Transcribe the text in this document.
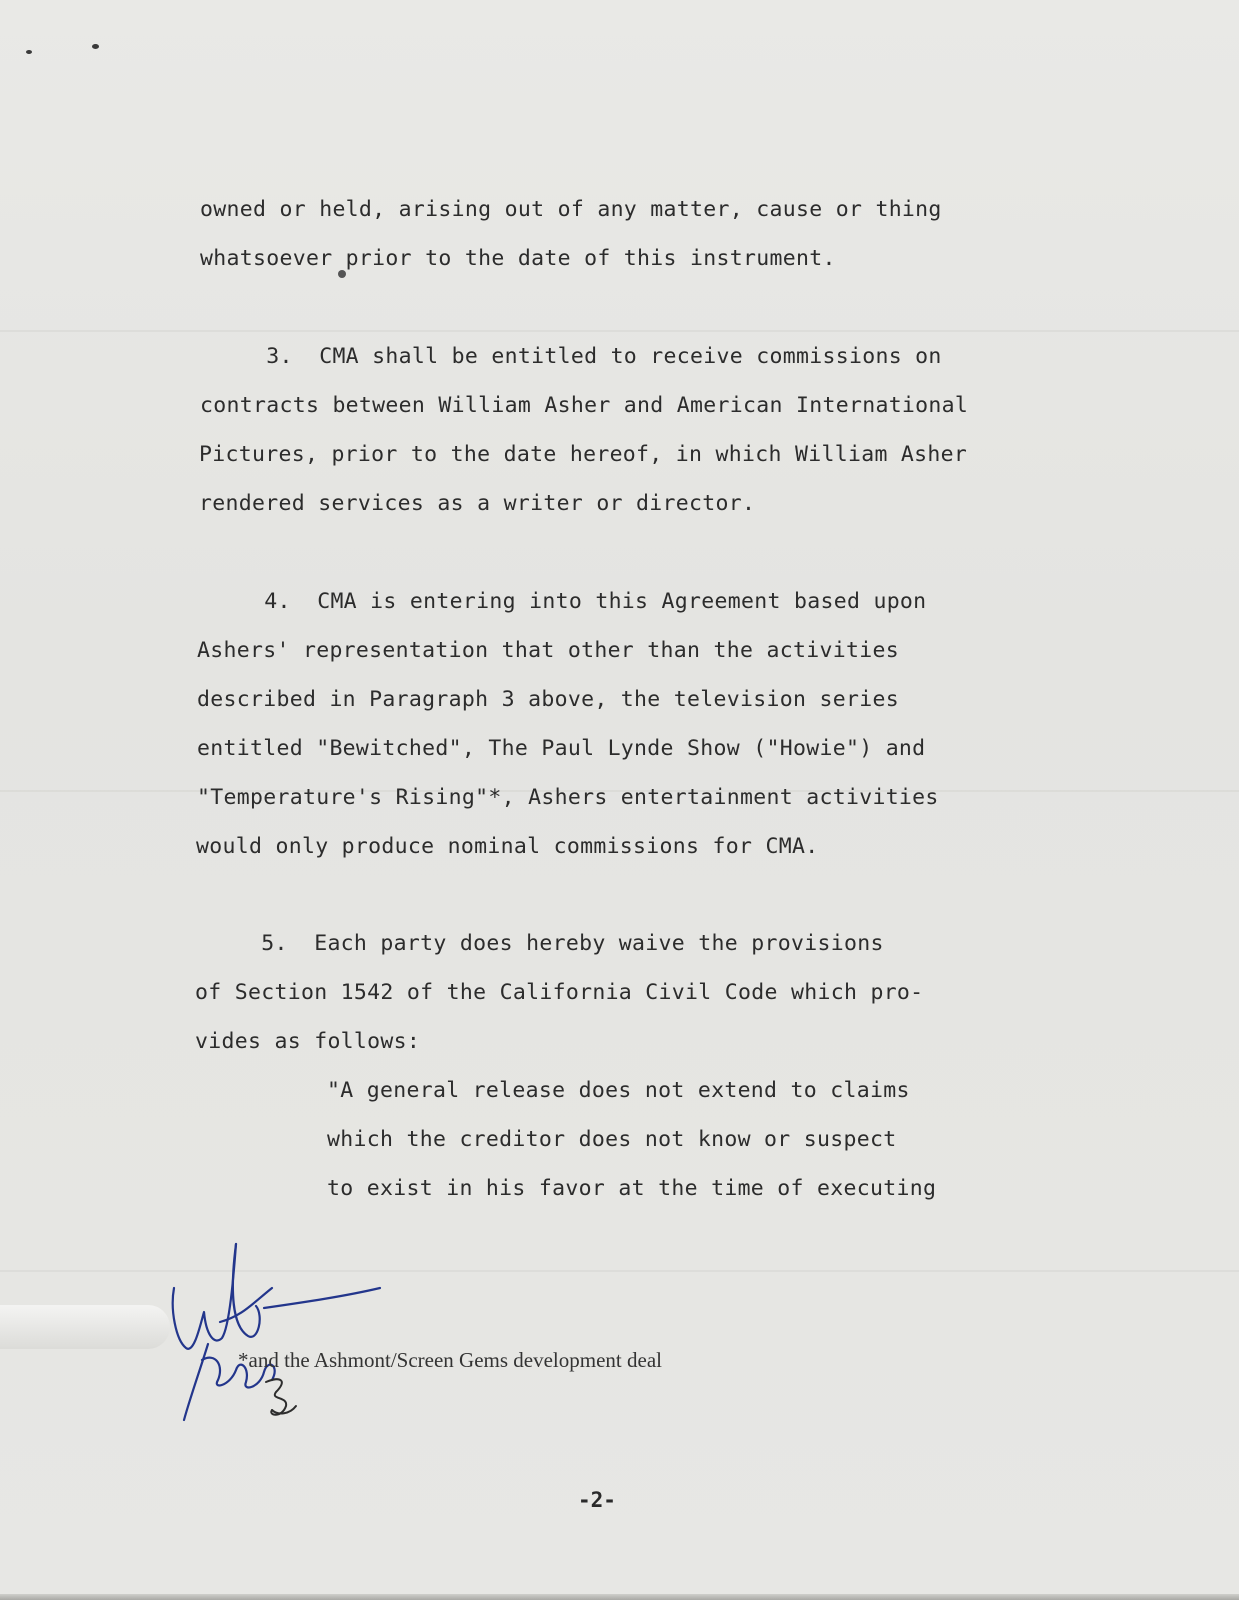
owned or held, arising out of any matter, cause or thing
whatsoever prior to the date of this instrument.
3.  CMA shall be entitled to receive commissions on
contracts between William Asher and American International
Pictures, prior to the date hereof, in which William Asher
rendered services as a writer or director.
4.  CMA is entering into this Agreement based upon
Ashers' representation that other than the activities
described in Paragraph 3 above, the television series
entitled "Bewitched", The Paul Lynde Show ("Howie") and
"Temperature's Rising"*, Ashers entertainment activities
would only produce nominal commissions for CMA.
5.  Each party does hereby waive the provisions
of Section 1542 of the California Civil Code which pro-
vides as follows:
"A general release does not extend to claims
which the creditor does not know or suspect
to exist in his favor at the time of executing
*and the Ashmont/Screen Gems development deal
-2-
